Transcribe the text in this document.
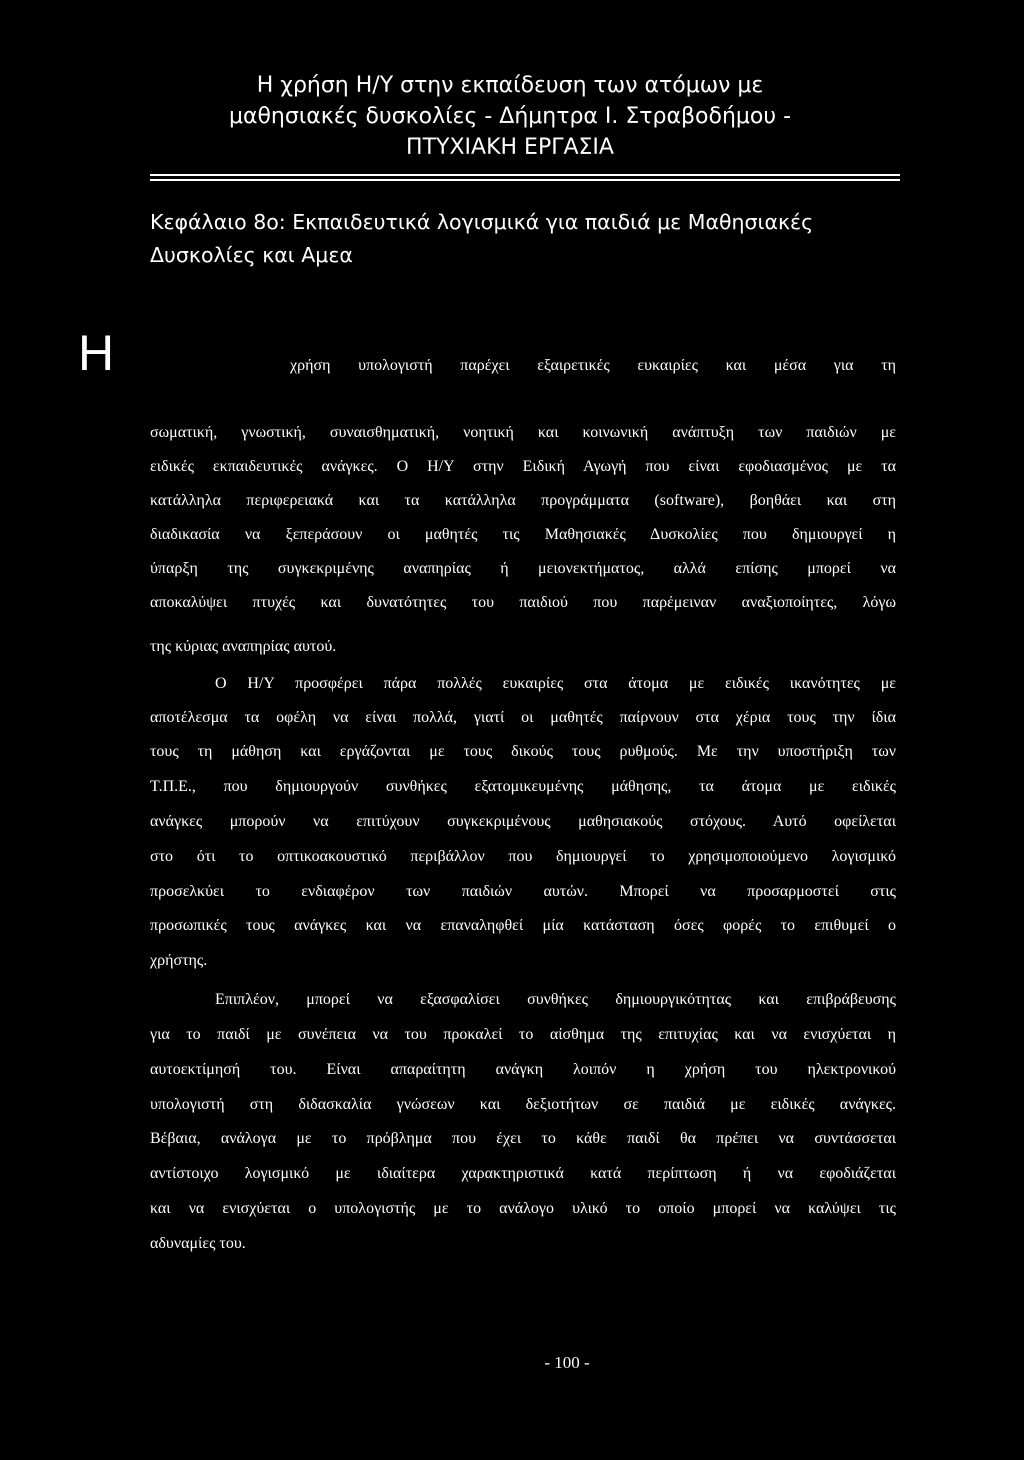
Η χρήση Η/Υ στην εκπαίδευση των ατόμων με
μαθησιακές δυσκολίες - Δήμητρα Ι. Στραβοδήμου -
ΠΤΥΧΙΑΚΗ ΕΡΓΑΣΙΑ
Κεφάλαιο 8ο: Εκπαιδευτικά λογισμικά για παιδιά με Μαθησιακές
Δυσκολίες και Αμεα
Η	χρήση υπολογιστή παρέχει εξαιρετικές ευκαιρίες και μέσα για τη
σωματική, γνωστική, συναισθηματική, νοητική και κοινωνική ανάπτυξη των παιδιών με
ειδικές εκπαιδευτικές ανάγκες. Ο Η/Υ στην Ειδική Αγωγή που είναι εφοδιασμένος με τα
κατάλληλα περιφερειακά και τα κατάλληλα προγράμματα (software), βοηθάει και στη
διαδικασία να ξεπεράσουν οι μαθητές τις Μαθησιακές Δυσκολίες που δημιουργεί η
ύπαρξη της συγκεκριμένης αναπηρίας ή μειονεκτήματος, αλλά επίσης μπορεί να
αποκαλύψει πτυχές και δυνατότητες του παιδιού που παρέμειναν αναξιοποίητες, λόγω
της κύριας αναπηρίας αυτού.
Ο Η/Υ προσφέρει πάρα πολλές ευκαιρίες στα άτομα με ειδικές ικανότητες με
αποτέλεσμα τα οφέλη να είναι πολλά, γιατί οι μαθητές παίρνουν στα χέρια τους την ίδια
τους τη μάθηση και εργάζονται με τους δικούς τους ρυθμούς. Με την υποστήριξη των
Τ.Π.Ε., που δημιουργούν συνθήκες εξατομικευμένης μάθησης, τα άτομα με ειδικές
ανάγκες μπορούν να επιτύχουν συγκεκριμένους μαθησιακούς στόχους. Αυτό οφείλεται
στο ότι το οπτικοακουστικό περιβάλλον που δημιουργεί το χρησιμοποιούμενο λογισμικό
προσελκύει το ενδιαφέρον των παιδιών αυτών. Μπορεί να προσαρμοστεί στις
προσωπικές τους ανάγκες και να επαναληφθεί μία κατάσταση όσες φορές το επιθυμεί ο
χρήστης.
Επιπλέον, μπορεί να εξασφαλίσει συνθήκες δημιουργικότητας και επιβράβευσης
για το παιδί με συνέπεια να του προκαλεί το αίσθημα της επιτυχίας και να ενισχύεται η
αυτοεκτίμησή του. Είναι απαραίτητη ανάγκη λοιπόν η χρήση του ηλεκτρονικού
υπολογιστή στη διδασκαλία γνώσεων και δεξιοτήτων σε παιδιά με ειδικές ανάγκες.
Βέβαια, ανάλογα με το πρόβλημα που έχει το κάθε παιδί θα πρέπει να συντάσσεται
αντίστοιχο λογισμικό με ιδιαίτερα χαρακτηριστικά κατά περίπτωση ή να εφοδιάζεται
και να ενισχύεται ο υπολογιστής με το ανάλογο υλικό το οποίο μπορεί να καλύψει τις
αδυναμίες του.
- 100 -
